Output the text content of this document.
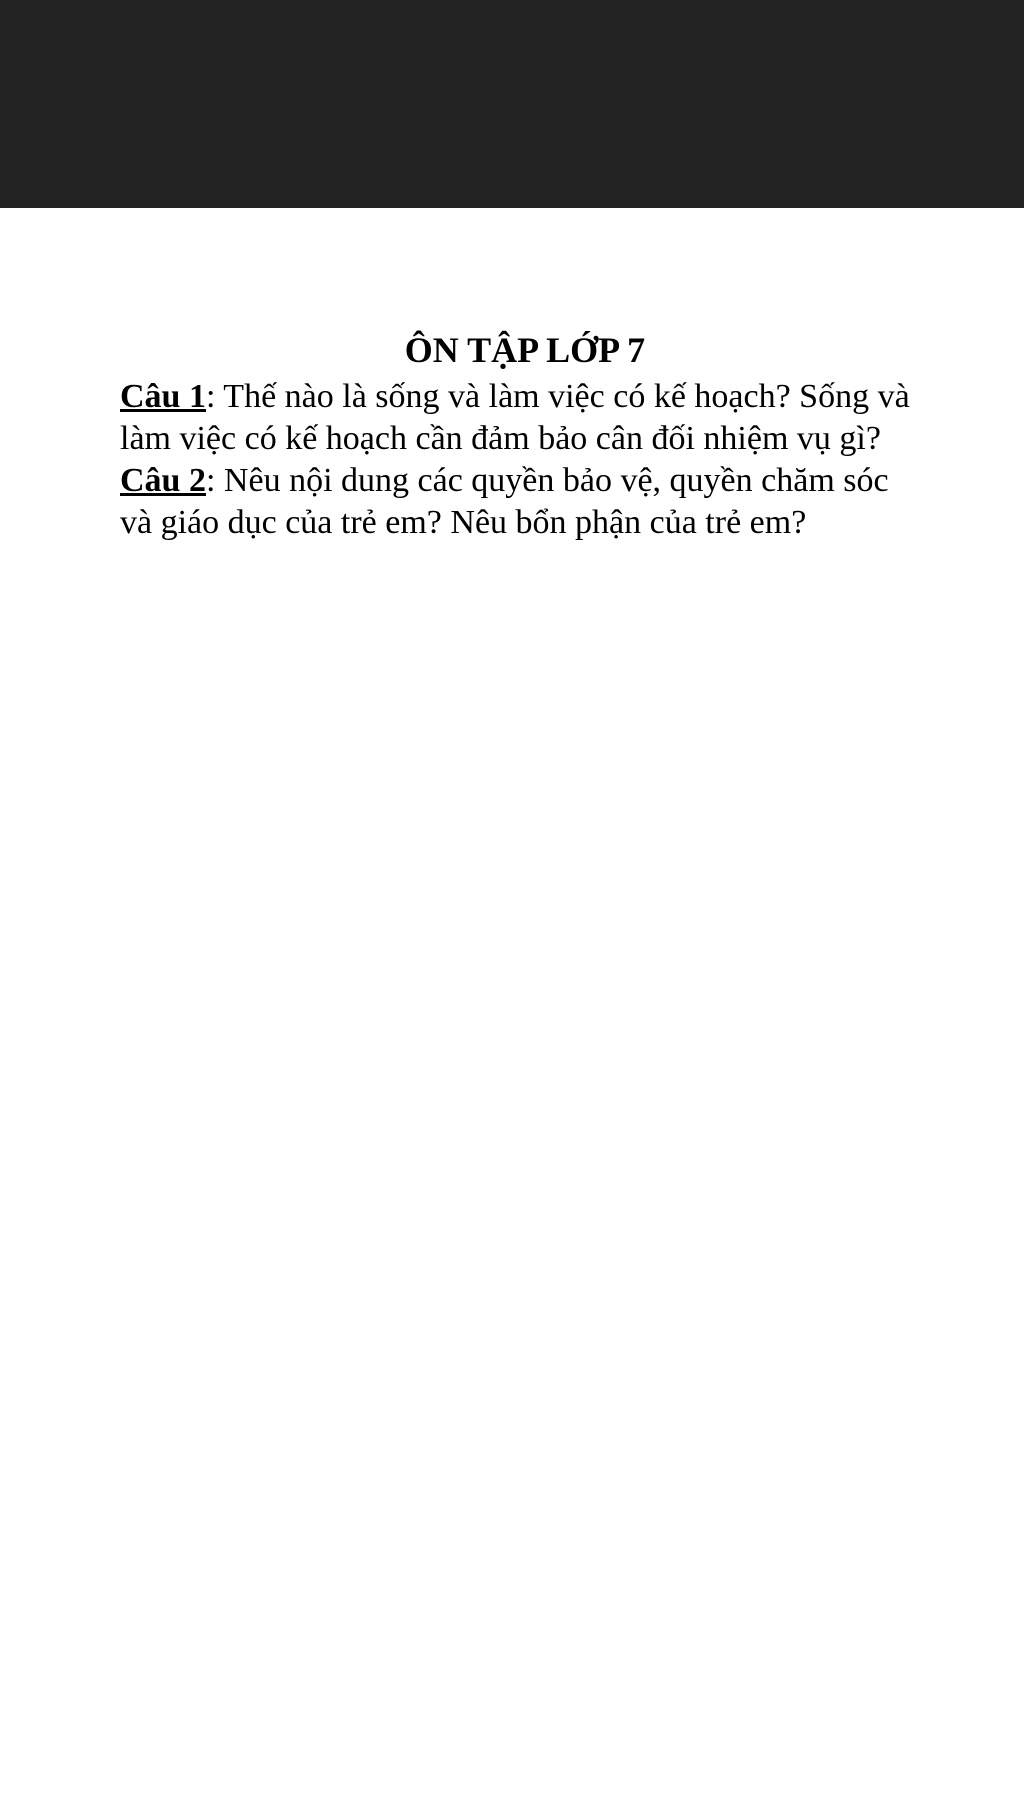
ÔN TẬP LỚP 7

Câu 1: Thế nào là sống và làm việc có kế hoạch? Sống và làm việc có kế hoạch cần đảm bảo cân đối nhiệm vụ gì?

Câu 2: Nêu nội dung các quyền bảo vệ, quyền chăm sóc và giáo dục của trẻ em? Nêu bổn phận của trẻ em?
